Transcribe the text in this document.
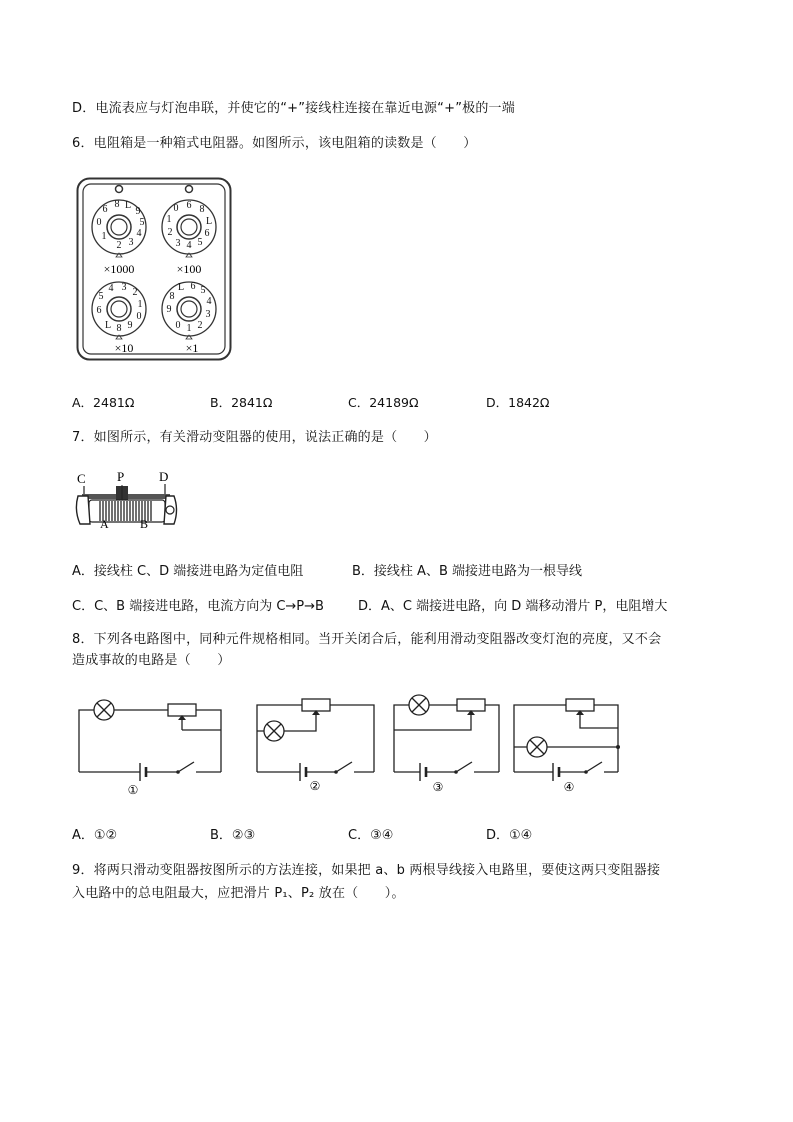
D．电流表应与灯泡串联，并使它的“+”接线柱连接在靠近电源“+”极的一端
6．电阻箱是一种箱式电阻器。如图所示，该电阻箱的读数是（　　）
2 3
4
5
9
L
8
6
0
1
×1000
4
3 5
6
L
8
6
0
1
2
×100
8
L 9
0
1
2
3
4
5
6
×10
1
0 2
3
4
5
6
L
8
9
×1
A．2481Ω	B．2841Ω	C．24189Ω	D．1842Ω
7．如图所示，有关滑动变阻器的使用，说法正确的是（　　）
C P	D
A	B
A．接线柱 C、D 端接进电路为定值电阻	B．接线柱 A、B 端接进电路为一根导线
C．C、B 端接进电路，电流方向为 C→P→B	D．A、C 端接进电路，向 D 端移动滑片 P，电阻增大
8．下列各电路图中，同种元件规格相同。当开关闭合后，能利用滑动变阻器改变灯泡的亮度，又不会
造成事故的电路是（　　）
①	②	③	④
A．①②	B．②③	C．③④	D．①④
9．将两只滑动变阻器按图所示的方法连接，如果把 a、b 两根导线接入电路里，要使这两只变阻器接
入电路中的总电阻最大，应把滑片 P₁、P₂ 放在（　　）。
